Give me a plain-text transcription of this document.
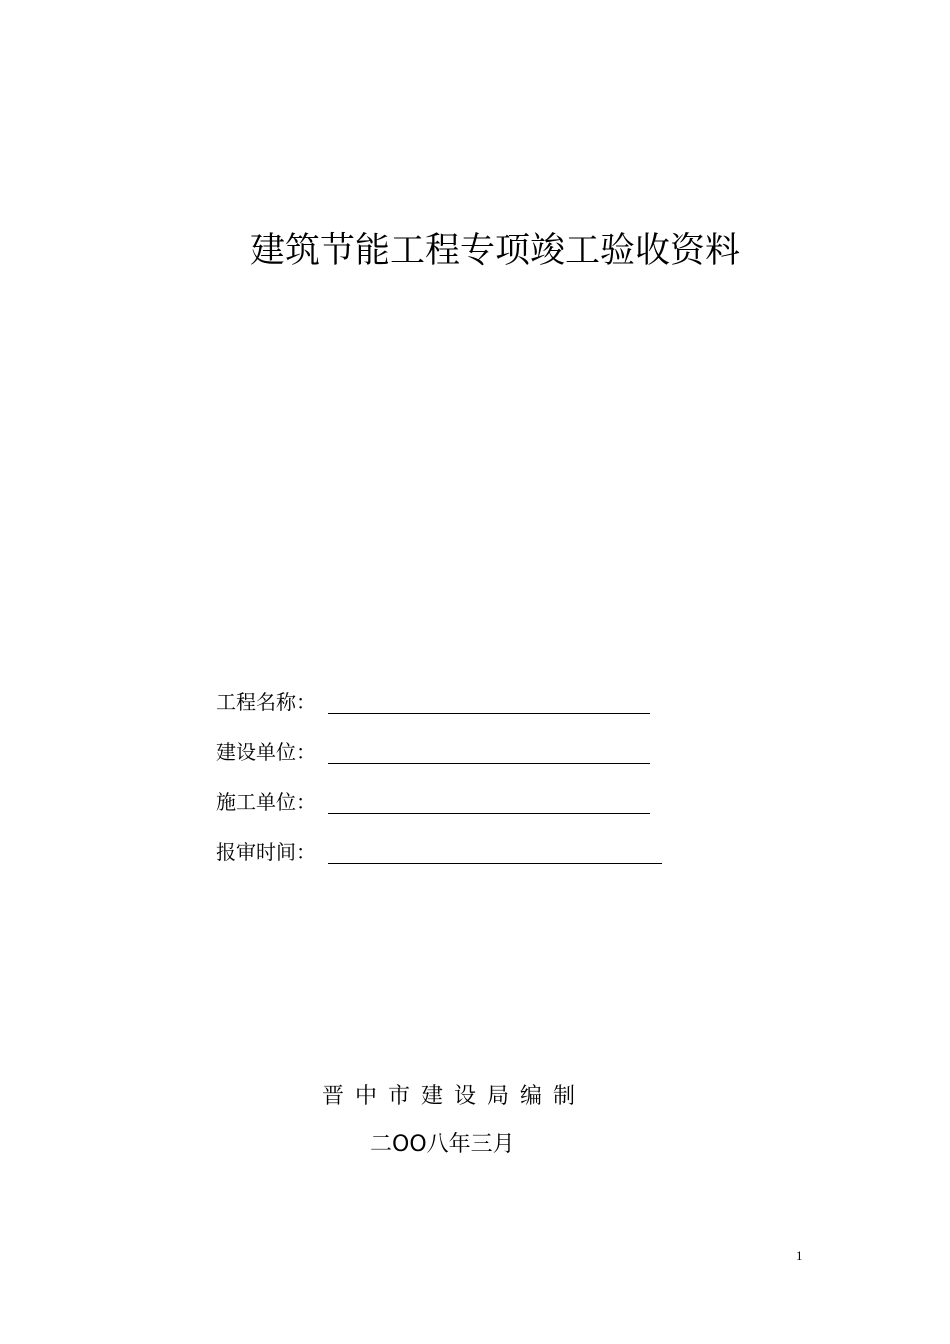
建筑节能工程专项竣工验收资料
工程名称：
建设单位：
施工单位：
报审时间：
晋中市建设局编制
二OO八年三月
1
